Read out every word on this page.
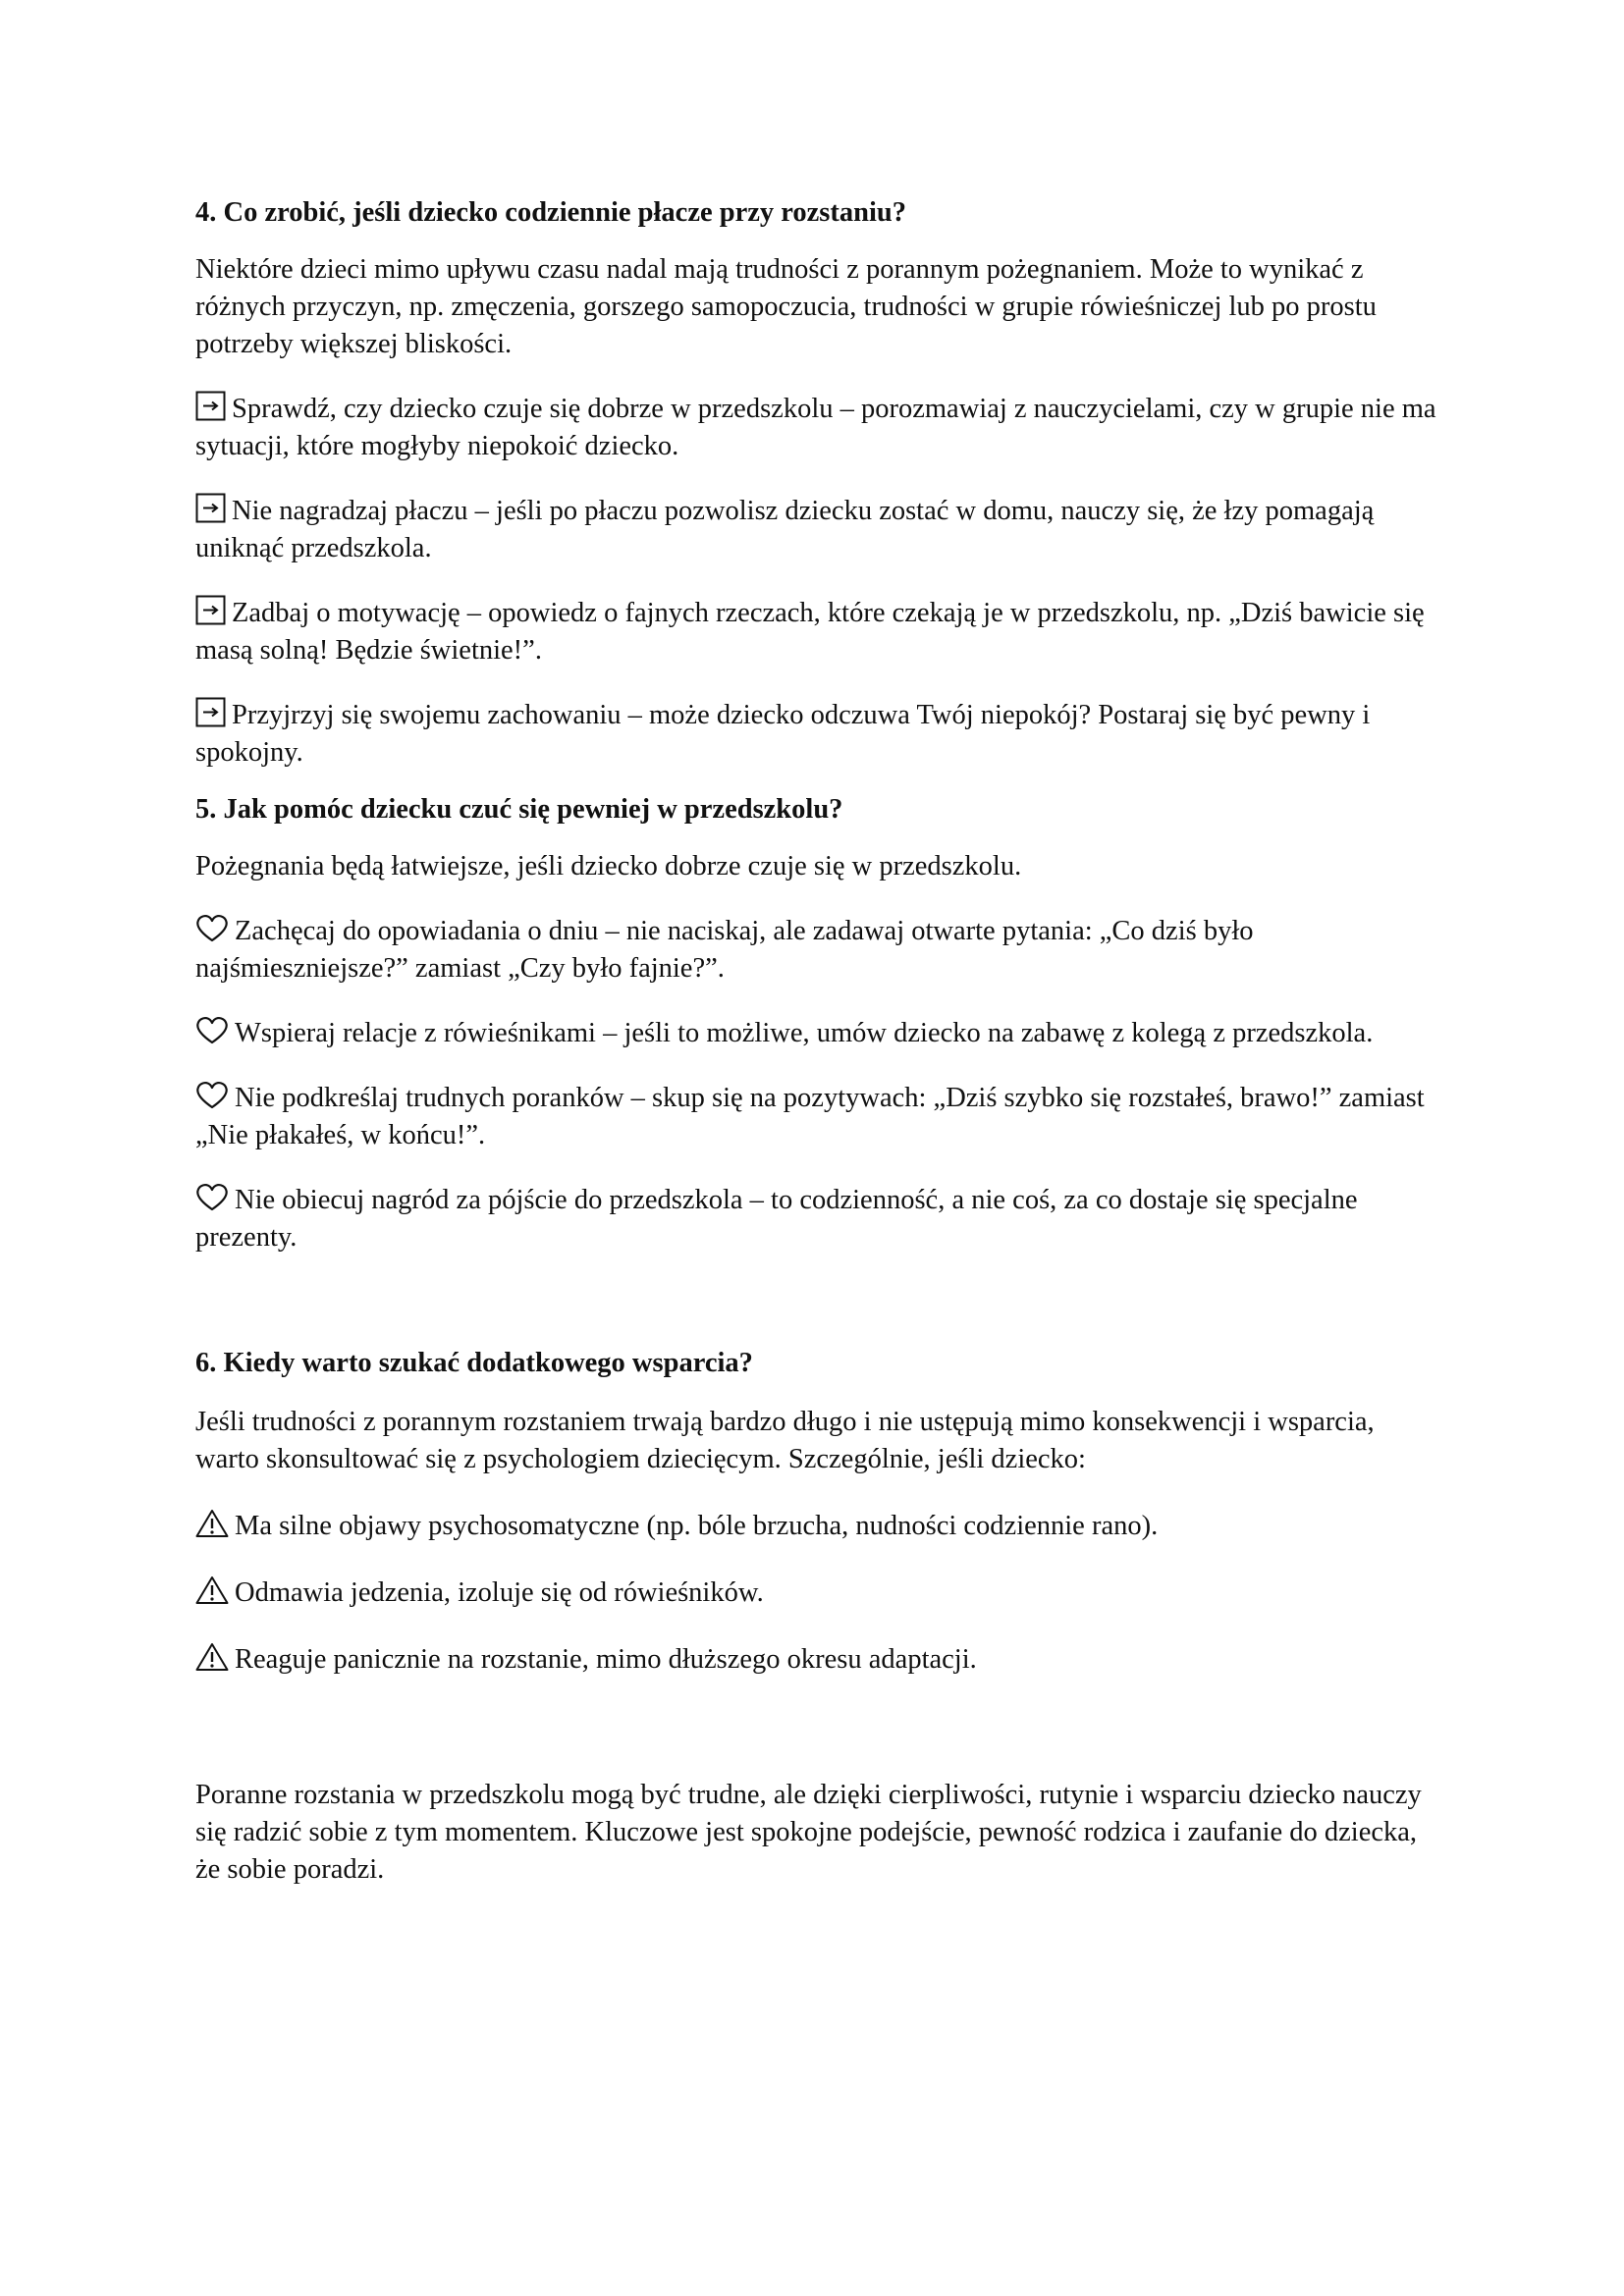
4. Co zrobić, jeśli dziecko codziennie płacze przy rozstaniu?

Niektóre dzieci mimo upływu czasu nadal mają trudności z porannym pożegnaniem. Może to wynikać z różnych przyczyn, np. zmęczenia, gorszego samopoczucia, trudności w grupie rówieśniczej lub po prostu potrzeby większej bliskości.

Sprawdź, czy dziecko czuje się dobrze w przedszkolu – porozmawiaj z nauczycielami, czy w grupie nie ma sytuacji, które mogłyby niepokoić dziecko.

Nie nagradzaj płaczu – jeśli po płaczu pozwolisz dziecku zostać w domu, nauczy się, że łzy pomagają uniknąć przedszkola.

Zadbaj o motywację – opowiedz o fajnych rzeczach, które czekają je w przedszkolu, np. „Dziś bawicie się masą solną! Będzie świetnie!”.

Przyjrzyj się swojemu zachowaniu – może dziecko odczuwa Twój niepokój? Postaraj się być pewny i spokojny.

5. Jak pomóc dziecku czuć się pewniej w przedszkolu?

Pożegnania będą łatwiejsze, jeśli dziecko dobrze czuje się w przedszkolu.

Zachęcaj do opowiadania o dniu – nie naciskaj, ale zadawaj otwarte pytania: „Co dziś było najśmieszniejsze?” zamiast „Czy było fajnie?”.

Wspieraj relacje z rówieśnikami – jeśli to możliwe, umów dziecko na zabawę z kolegą z przedszkola.

Nie podkreślaj trudnych poranków – skup się na pozytywach: „Dziś szybko się rozstałeś, brawo!” zamiast „Nie płakałeś, w końcu!”.

Nie obiecuj nagród za pójście do przedszkola – to codzienność, a nie coś, za co dostaje się specjalne prezenty.

6. Kiedy warto szukać dodatkowego wsparcia?

Jeśli trudności z porannym rozstaniem trwają bardzo długo i nie ustępują mimo konsekwencji i wsparcia, warto skonsultować się z psychologiem dziecięcym. Szczególnie, jeśli dziecko:

Ma silne objawy psychosomatyczne (np. bóle brzucha, nudności codziennie rano).

Odmawia jedzenia, izoluje się od rówieśników.

Reaguje panicznie na rozstanie, mimo dłuższego okresu adaptacji.

Poranne rozstania w przedszkolu mogą być trudne, ale dzięki cierpliwości, rutynie i wsparciu dziecko nauczy się radzić sobie z tym momentem. Kluczowe jest spokojne podejście, pewność rodzica i zaufanie do dziecka, że sobie poradzi.
